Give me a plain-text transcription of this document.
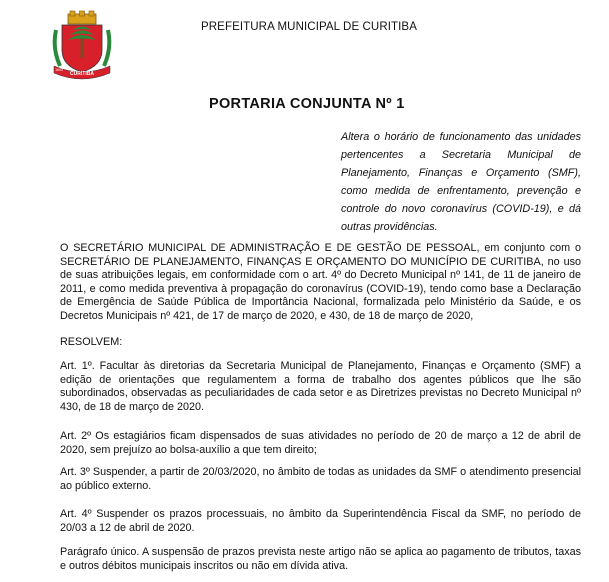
CURITIBA
1693
PREFEITURA MUNICIPAL DE CURITIBA
PORTARIA CONJUNTA Nº 1
Altera o horário de funcionamento das unidades pertencentes a Secretaria Municipal de Planejamento, Finanças e Orçamento (SMF), como medida de enfrentamento, prevenção e controle do novo coronavírus (COVID-19), e dá outras providências.

O SECRETÁRIO MUNICIPAL DE ADMINISTRAÇÃO E DE GESTÃO DE PESSOAL, em conjunto com o SECRETÁRIO DE PLANEJAMENTO, FINANÇAS E ORÇAMENTO DO MUNICÍPIO DE CURITIBA, no uso de suas atribuições legais, em conformidade com o art. 4º do Decreto Municipal nº 141, de 11 de janeiro de 2011, e como medida preventiva à propagação do coronavírus (COVID-19), tendo como base a Declaração de Emergência de Saúde Pública de Importância Nacional, formalizada pelo Ministério da Saúde, e os Decretos Municipais nº 421, de 17 de março de 2020, e 430, de 18 de março de 2020,

RESOLVEM:

Art. 1º. Facultar às diretorias da Secretaria Municipal de Planejamento, Finanças e Orçamento (SMF) a edição de orientações que regulamentem a forma de trabalho dos agentes públicos que lhe são subordinados, observadas as peculiaridades de cada setor e as Diretrizes previstas no Decreto Municipal nº 430, de 18 de março de 2020.

Art. 2º Os estagiários ficam dispensados de suas atividades no período de 20 de março a 12 de abril de 2020, sem prejuízo ao bolsa-auxílio a que tem direito;

Art. 3º Suspender, a partir de 20/03/2020, no âmbito de todas as unidades da SMF o atendimento presencial ao público externo.

Art. 4º Suspender os prazos processuais, no âmbito da Superintendência Fiscal da SMF, no período de 20/03 a 12 de abril de 2020.

Parágrafo único. A suspensão de prazos prevista neste artigo não se aplica ao pagamento de tributos, taxas e outros débitos municipais inscritos ou não em dívida ativa.
